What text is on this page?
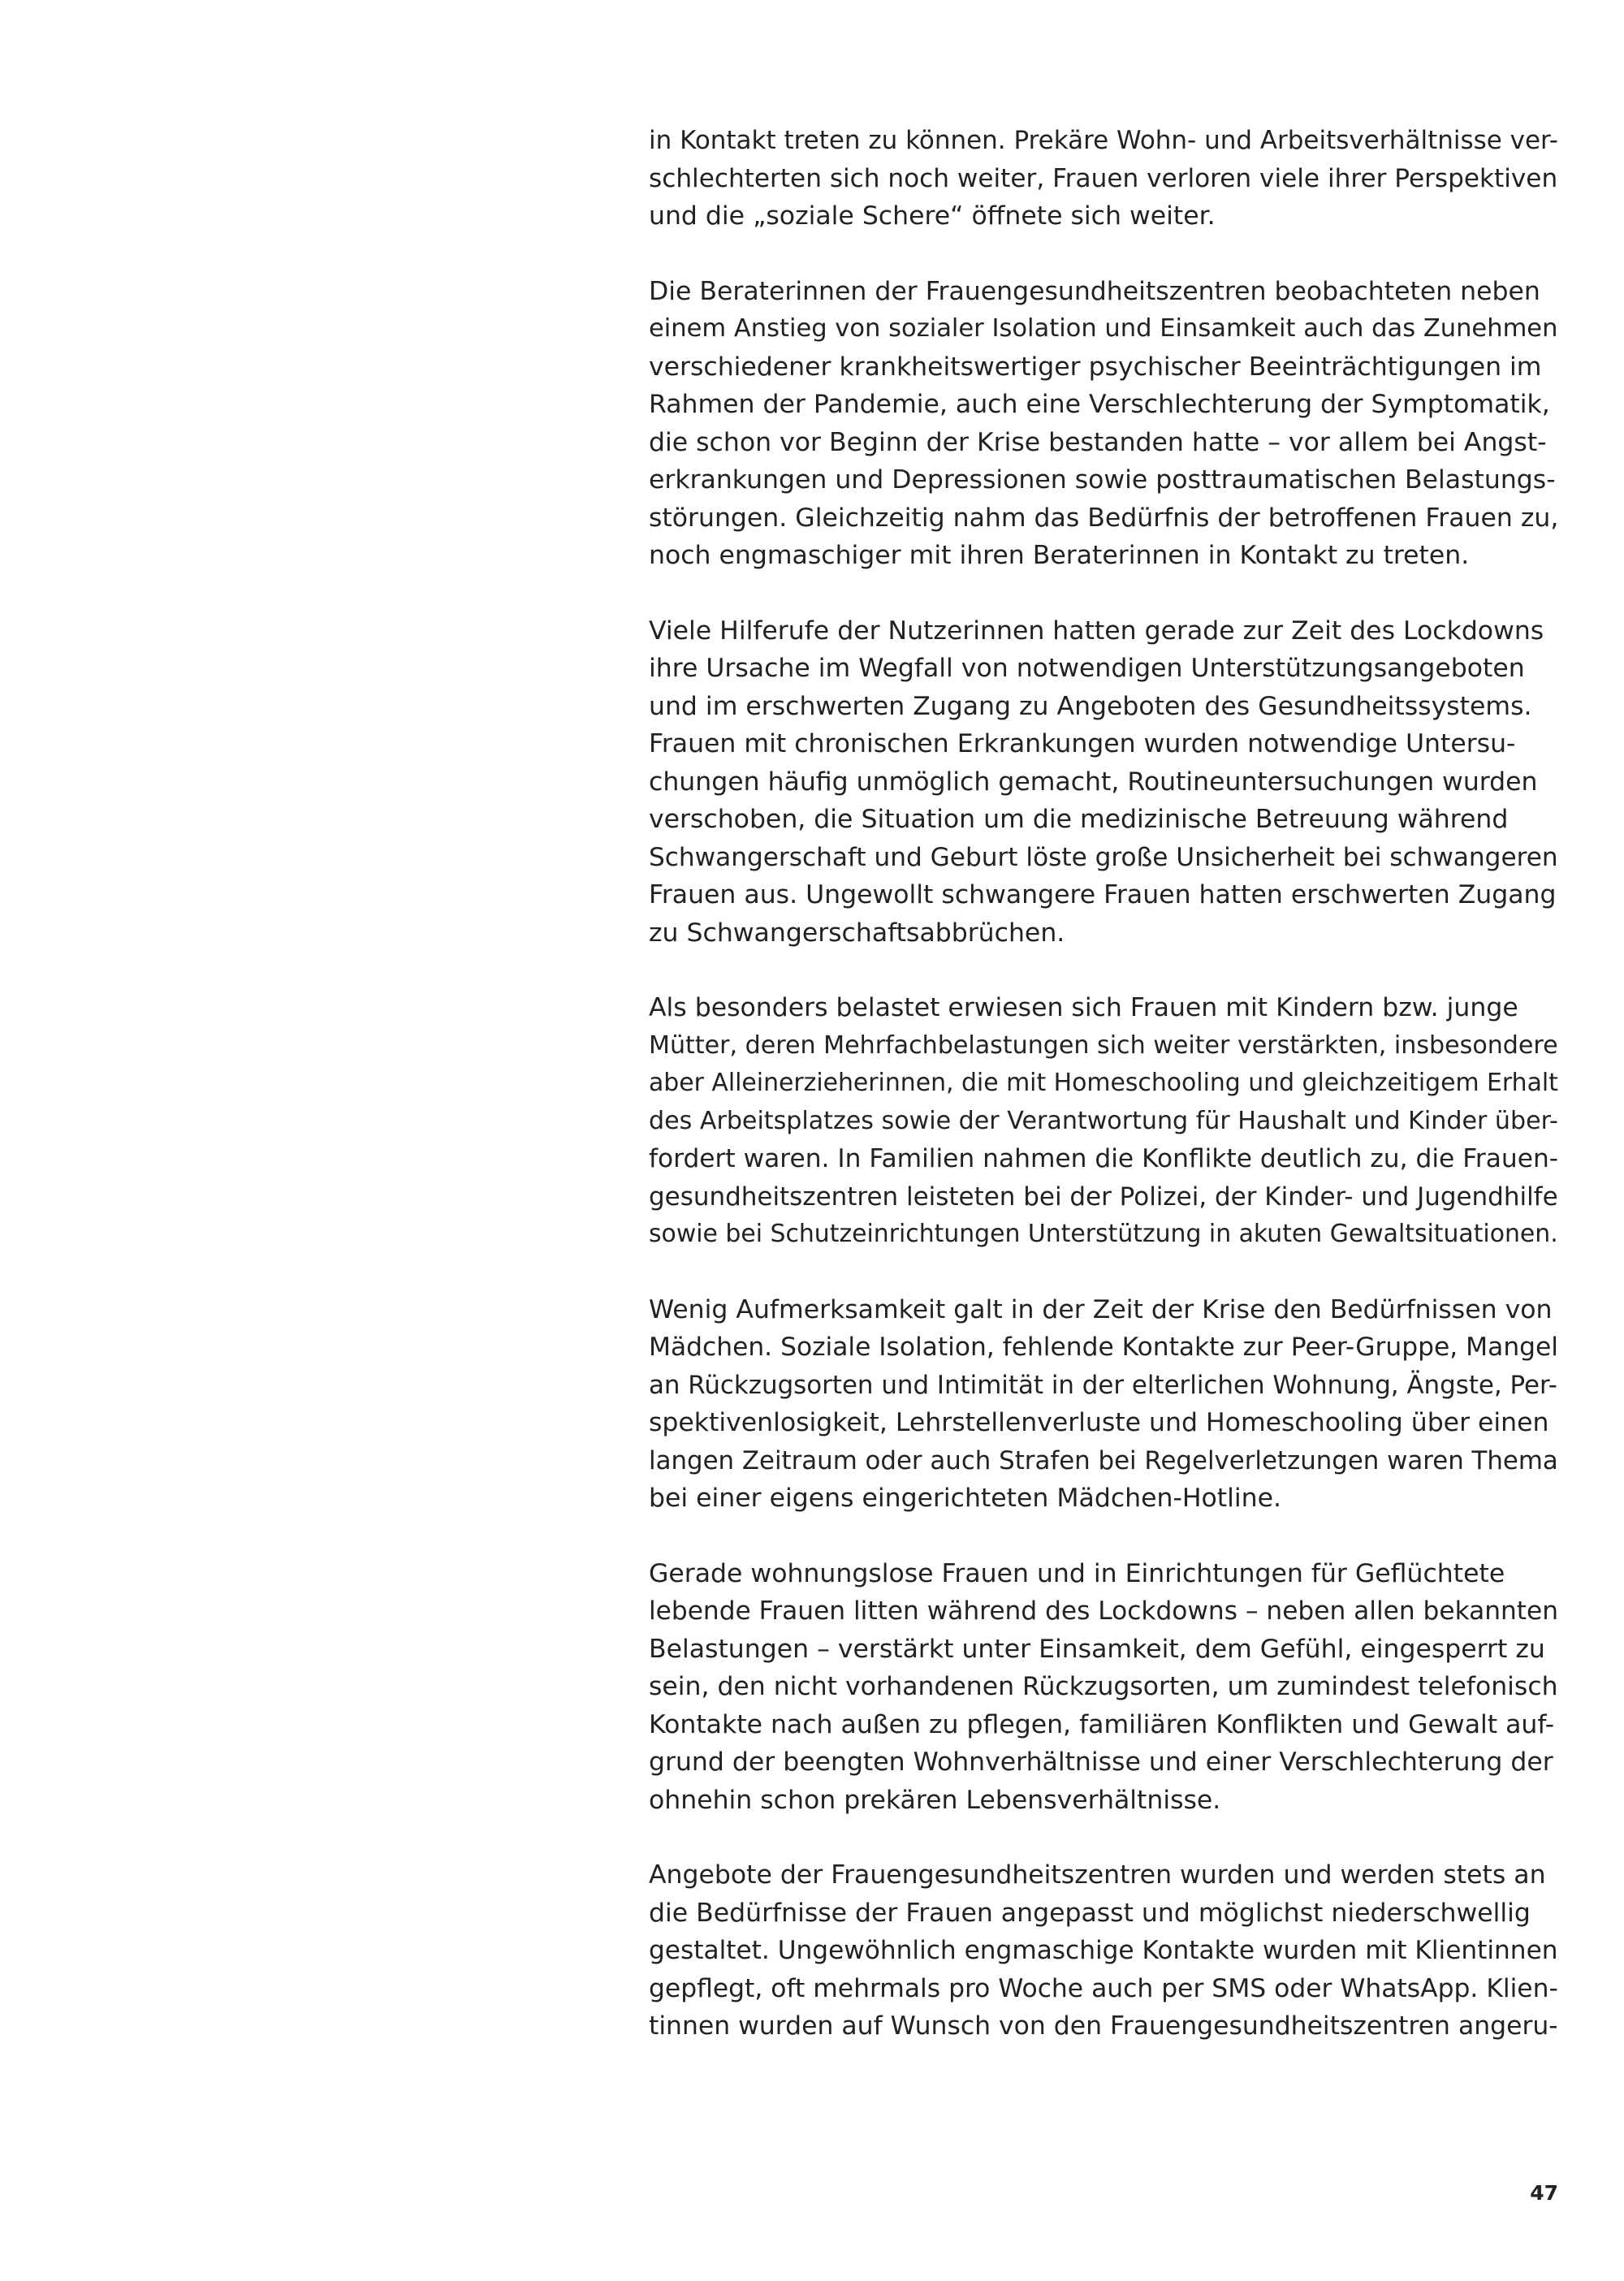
in Kontakt treten zu können. Prekäre Wohn- und Arbeitsverhältnisse ver-
schlechterten sich noch weiter, Frauen verloren viele ihrer Perspektiven
und die „soziale Schere“ öffnete sich weiter.

Die Beraterinnen der Frauengesundheitszentren beobachteten neben
einem Anstieg von sozialer Isolation und Einsamkeit auch das Zunehmen
verschiedener krankheitswertiger psychischer Beeinträchtigungen im
Rahmen der Pandemie, auch eine Verschlechterung der Symptomatik,
die schon vor Beginn der Krise bestanden hatte – vor allem bei Angst-
erkrankungen und Depressionen sowie posttraumatischen Belastungs-
störungen. Gleichzeitig nahm das Bedürfnis der betroffenen Frauen zu,
noch engmaschiger mit ihren Beraterinnen in Kontakt zu treten.

Viele Hilferufe der Nutzerinnen hatten gerade zur Zeit des Lockdowns
ihre Ursache im Wegfall von notwendigen Unterstützungsangeboten
und im erschwerten Zugang zu Angeboten des Gesundheitssystems.
Frauen mit chronischen Erkrankungen wurden notwendige Untersu-
chungen häufig unmöglich gemacht, Routineuntersuchungen wurden
verschoben, die Situation um die medizinische Betreuung während
Schwangerschaft und Geburt löste große Unsicherheit bei schwangeren
Frauen aus. Ungewollt schwangere Frauen hatten erschwerten Zugang
zu Schwangerschaftsabbrüchen.

Als besonders belastet erwiesen sich Frauen mit Kindern bzw. junge
Mütter, deren Mehrfachbelastungen sich weiter verstärkten, insbesondere
aber Alleinerzieherinnen, die mit Homeschooling und gleichzeitigem Erhalt
des Arbeitsplatzes sowie der Verantwortung für Haushalt und Kinder über-
fordert waren. In Familien nahmen die Konflikte deutlich zu, die Frauen-
gesundheitszentren leisteten bei der Polizei, der Kinder- und Jugendhilfe
sowie bei Schutzeinrichtungen Unterstützung in akuten Gewaltsituationen.

Wenig Aufmerksamkeit galt in der Zeit der Krise den Bedürfnissen von
Mädchen. Soziale Isolation, fehlende Kontakte zur Peer-Gruppe, Mangel
an Rückzugsorten und Intimität in der elterlichen Wohnung, Ängste, Per-
spektivenlosigkeit, Lehrstellenverluste und Homeschooling über einen
langen Zeitraum oder auch Strafen bei Regelverletzungen waren Thema
bei einer eigens eingerichteten Mädchen-Hotline.

Gerade wohnungslose Frauen und in Einrichtungen für Geflüchtete
lebende Frauen litten während des Lockdowns – neben allen bekannten
Belastungen – verstärkt unter Einsamkeit, dem Gefühl, eingesperrt zu
sein, den nicht vorhandenen Rückzugsorten, um zumindest telefonisch
Kontakte nach außen zu pflegen, familiären Konflikten und Gewalt auf-
grund der beengten Wohnverhältnisse und einer Verschlechterung der
ohnehin schon prekären Lebensverhältnisse.

Angebote der Frauengesundheitszentren wurden und werden stets an
die Bedürfnisse der Frauen angepasst und möglichst niederschwellig
gestaltet. Ungewöhnlich engmaschige Kontakte wurden mit Klientinnen
gepflegt, oft mehrmals pro Woche auch per SMS oder WhatsApp. Klien-
tinnen wurden auf Wunsch von den Frauengesundheitszentren angeru-

47
